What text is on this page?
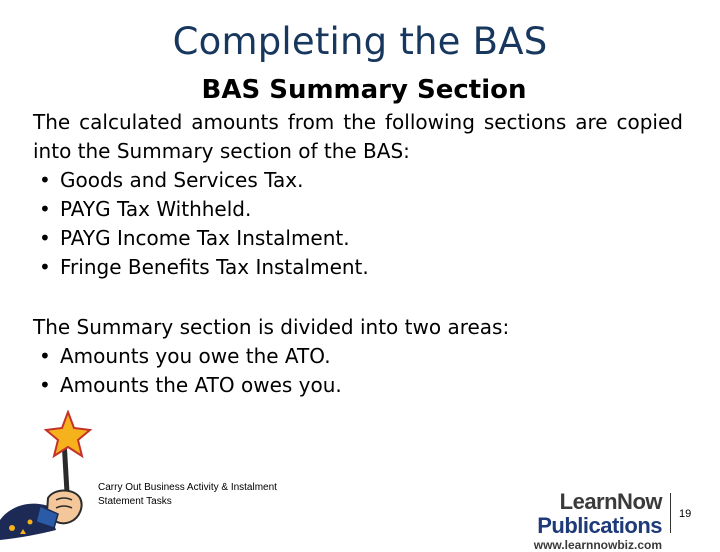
Completing the BAS
BAS Summary Section
The calculated amounts from the following sections are copied into the Summary section of the BAS:
• Goods and Services Tax.
• PAYG Tax Withheld.
• PAYG Income Tax Instalment.
• Fringe Benefits Tax Instalment.
The Summary section is divided into two areas:
• Amounts you owe the ATO.
• Amounts the ATO owes you.
Carry Out Business Activity & Instalment
Statement Tasks	LearnNow Publications
www.learnnowbiz.com
19
